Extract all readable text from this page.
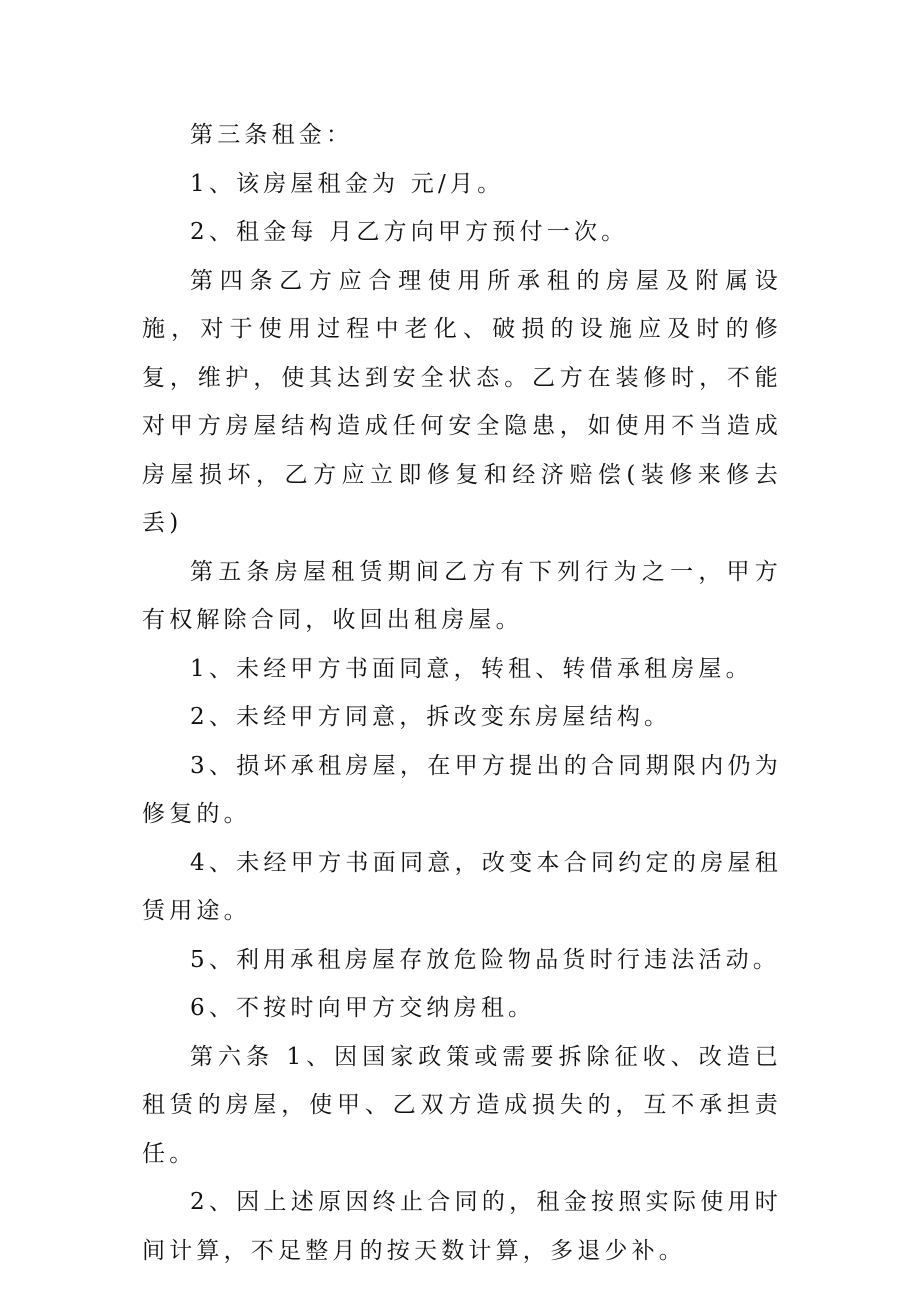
第三条租金：

1、该房屋租金为 元/月。

2、租金每 月乙方向甲方预付一次。

第四条乙方应合理使用所承租的房屋及附属设施，对于使用过程中老化、破损的设施应及时的修复，维护，使其达到安全状态。乙方在装修时，不能对甲方房屋结构造成任何安全隐患，如使用不当造成房屋损坏，乙方应立即修复和经济赔偿(装修来修去丢)

第五条房屋租赁期间乙方有下列行为之一，甲方有权解除合同，收回出租房屋。

1、未经甲方书面同意，转租、转借承租房屋。

2、未经甲方同意，拆改变东房屋结构。

3、损坏承租房屋，在甲方提出的合同期限内仍为修复的。

4、未经甲方书面同意，改变本合同约定的房屋租赁用途。

5、利用承租房屋存放危险物品货时行违法活动。

6、不按时向甲方交纳房租。

第六条 1、因国家政策或需要拆除征收、改造已租赁的房屋，使甲、乙双方造成损失的，互不承担责任。

2、因上述原因终止合同的，租金按照实际使用时间计算，不足整月的按天数计算，多退少补。
